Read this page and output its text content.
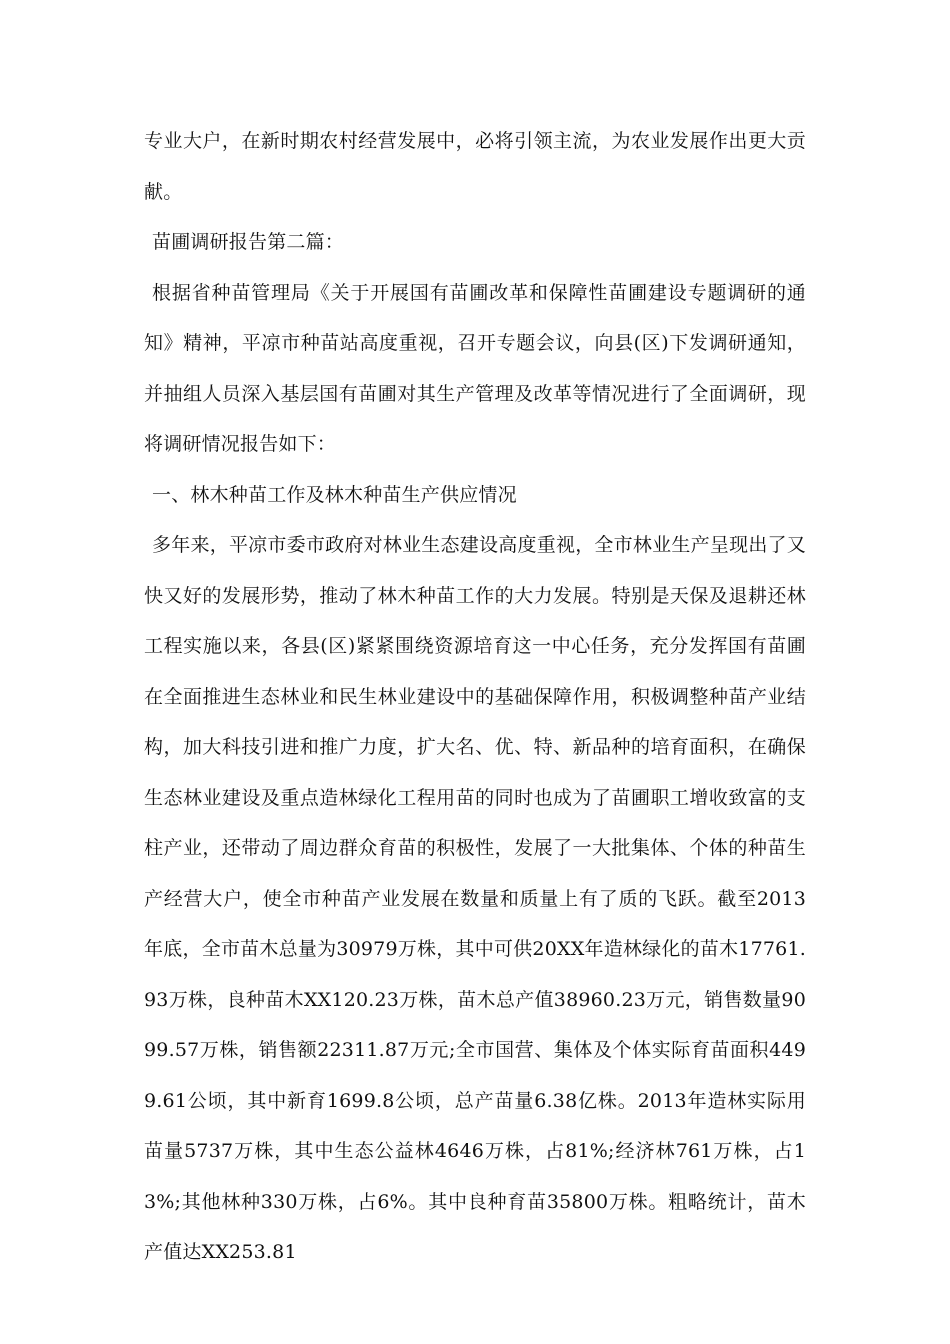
专业大户，在新时期农村经营发展中，必将引领主流，为农业发展作出更大贡献。

苗圃调研报告第二篇：

根据省种苗管理局《关于开展国有苗圃改革和保障性苗圃建设专题调研的通知》精神，平凉市种苗站高度重视，召开专题会议，向县(区)下发调研通知，并抽组人员深入基层国有苗圃对其生产管理及改革等情况进行了全面调研，现将调研情况报告如下：

一、林木种苗工作及林木种苗生产供应情况

多年来，平凉市委市政府对林业生态建设高度重视，全市林业生产呈现出了又快又好的发展形势，推动了林木种苗工作的大力发展。特别是天保及退耕还林工程实施以来，各县(区)紧紧围绕资源培育这一中心任务，充分发挥国有苗圃在全面推进生态林业和民生林业建设中的基础保障作用，积极调整种苗产业结构，加大科技引进和推广力度，扩大名、优、特、新品种的培育面积，在确保生态林业建设及重点造林绿化工程用苗的同时也成为了苗圃职工增收致富的支柱产业，还带动了周边群众育苗的积极性，发展了一大批集体、个体的种苗生产经营大户，使全市种苗产业发展在数量和质量上有了质的飞跃。截至2013年底，全市苗木总量为30979万株，其中可供20XX年造林绿化的苗木17761.93万株，良种苗木XX120.23万株，苗木总产值38960.23万元，销售数量9099.57万株，销售额22311.87万元;全市国营、集体及个体实际育苗面积4499.61公顷，其中新育1699.8公顷，总产苗量6.38亿株。2013年造林实际用苗量5737万株，其中生态公益林4646万株，占81%;经济林761万株，占13%;其他林种330万株，占6%。其中良种育苗35800万株。粗略统计，苗木产值达XX253.81
